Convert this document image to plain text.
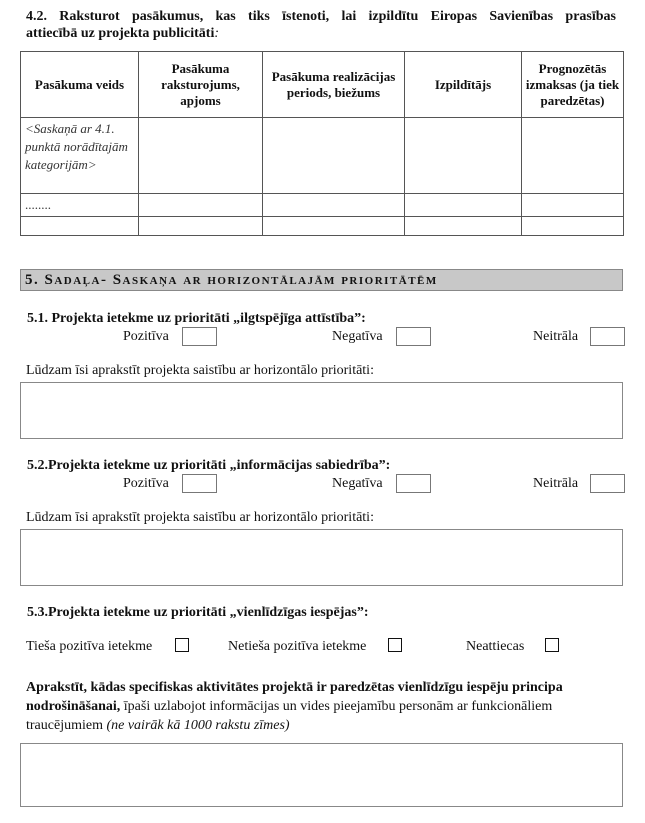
4.2. Raksturot pasākumus, kas tiks īstenoti, lai izpildītu Eiropas Savienības prasības
attiecībā uz projekta publicitāti:
Pasākuma veids	Pasākuma raksturojums, apjoms	Pasākuma realizācijas periods, biežums	Izpildītājs	Prognozētās izmaksas (ja tiek paredzētas)
<Saskaņā ar 4.1. punktā norādītajām kategorijām>				
........				

5. Sadaļa- Saskaņa ar horizontālajām prioritātēm
5.1. Projekta ietekme uz prioritāti „ilgtspējīga attīstība”:
Pozitīva	Negatīva	Neitrāla
Lūdzam īsi aprakstīt projekta saistību ar horizontālo prioritāti:
5.2.Projekta ietekme uz prioritāti „informācijas sabiedrība”:
Pozitīva	Negatīva	Neitrāla
Lūdzam īsi aprakstīt projekta saistību ar horizontālo prioritāti:
5.3.Projekta ietekme uz prioritāti „vienlīdzīgas iespējas”:
Tieša pozitīva ietekme	Netieša pozitīva ietekme	Neattiecas
Aprakstīt, kādas specifiskas aktivitātes projektā ir paredzētas vienlīdzīgu iespēju principa nodrošināšanai, īpaši uzlabojot informācijas un vides pieejamību personām ar funkcionāliem traucējumiem (ne vairāk kā 1000 rakstu zīmes)
